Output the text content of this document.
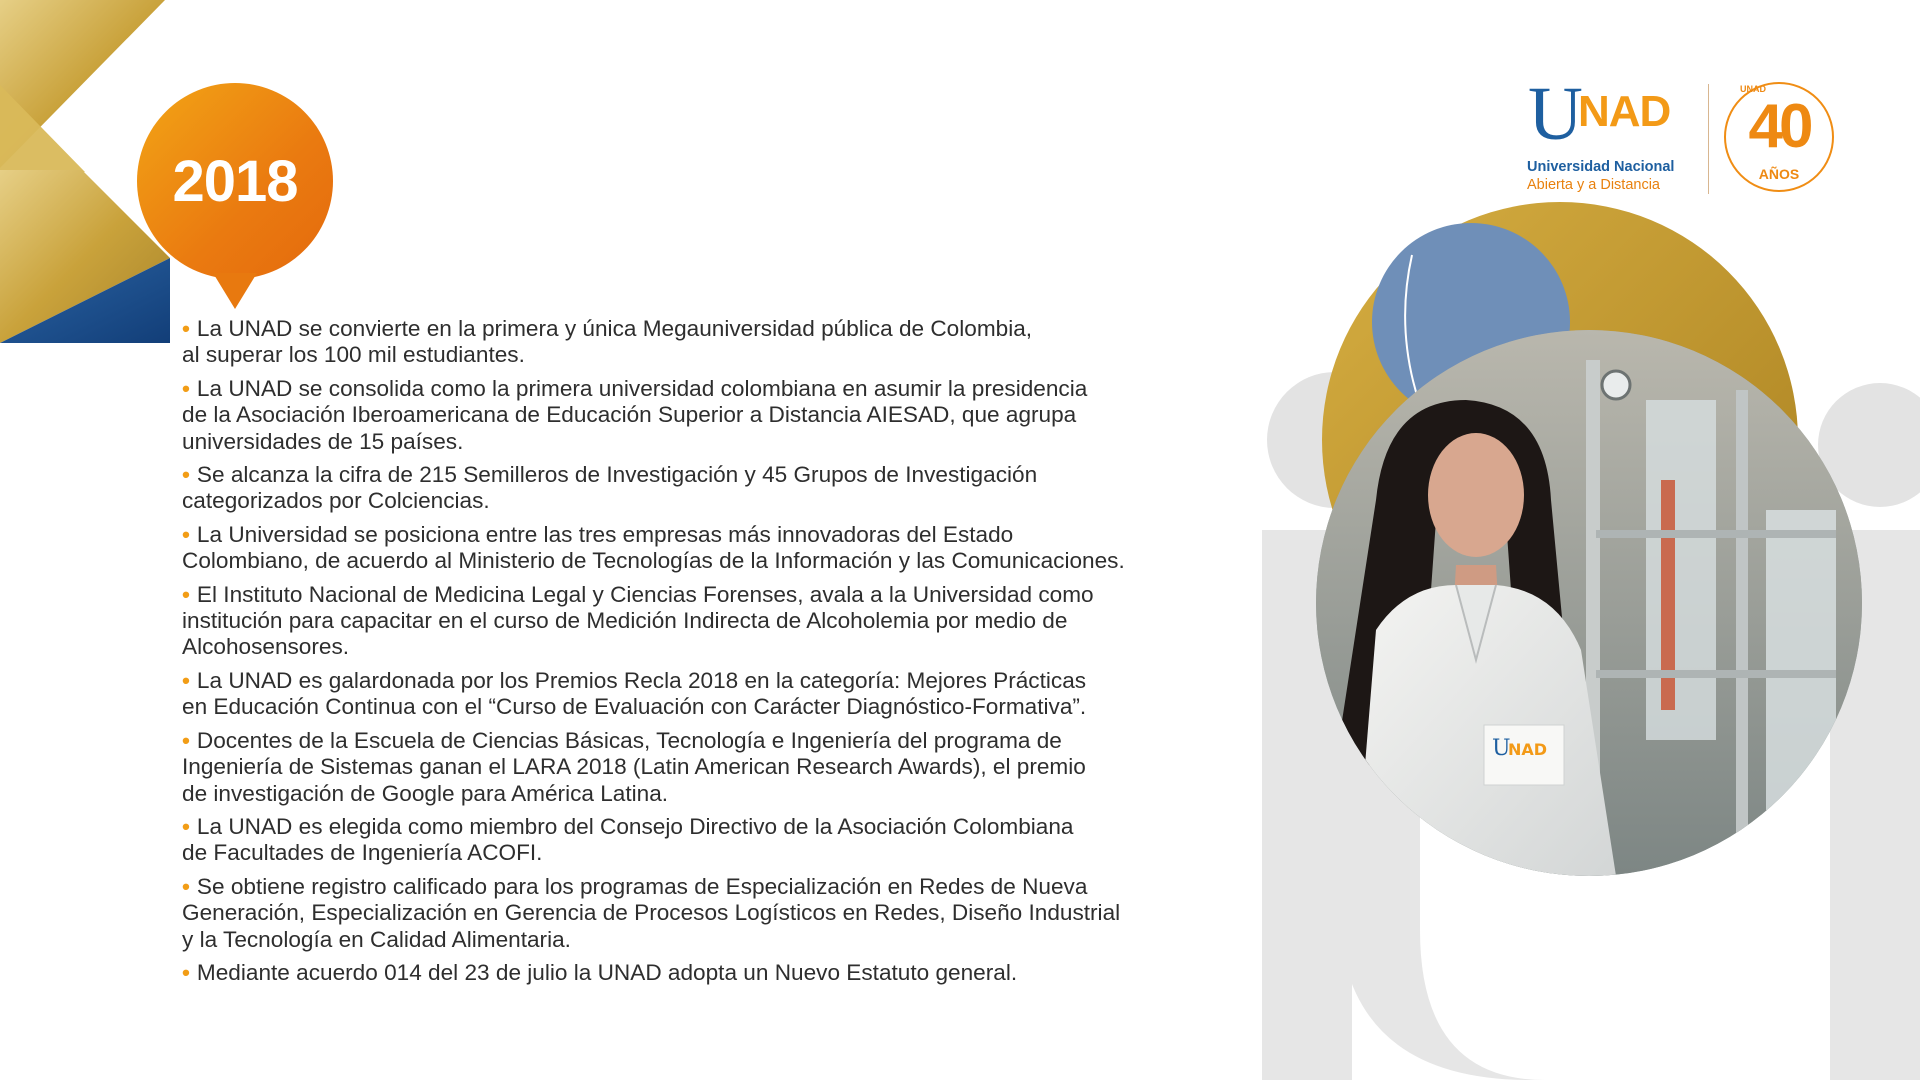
2018
U
NAD
Universidad Nacional
Abierta y a Distancia
UNAD
40
AÑOS
U
NAD
• La UNAD se convierte en la primera y única Megauniversidad pública de Colombia,
al superar los 100 mil estudiantes.
• La UNAD se consolida como la primera universidad colombiana en asumir la presidencia
de la Asociación Iberoamericana de Educación Superior a Distancia AIESAD, que agrupa
universidades de 15 países.
• Se alcanza la cifra de 215 Semilleros de Investigación y 45 Grupos de Investigación
categorizados por Colciencias.
• La Universidad se posiciona entre las tres empresas más innovadoras del Estado
Colombiano, de acuerdo al Ministerio de Tecnologías de la Información y las Comunicaciones.
• El Instituto Nacional de Medicina Legal y Ciencias Forenses, avala a la Universidad como
institución para capacitar en el curso de Medición Indirecta de Alcoholemia por medio de
Alcohosensores.
• La UNAD es galardonada por los Premios Recla 2018 en la categoría: Mejores Prácticas
en Educación Continua con el “Curso de Evaluación con Carácter Diagnóstico-Formativa”.
• Docentes de la Escuela de Ciencias Básicas, Tecnología e Ingeniería del programa de
Ingeniería de Sistemas ganan el LARA 2018 (Latin American Research Awards), el premio
de investigación de Google para América Latina.
• La UNAD es elegida como miembro del Consejo Directivo de la Asociación Colombiana
de Facultades de Ingeniería ACOFI.
• Se obtiene registro calificado para los programas de Especialización en Redes de Nueva
Generación, Especialización en Gerencia de Procesos Logísticos en Redes, Diseño Industrial
y la Tecnología en Calidad Alimentaria.
• Mediante acuerdo 014 del 23 de julio la UNAD adopta un Nuevo Estatuto general.
